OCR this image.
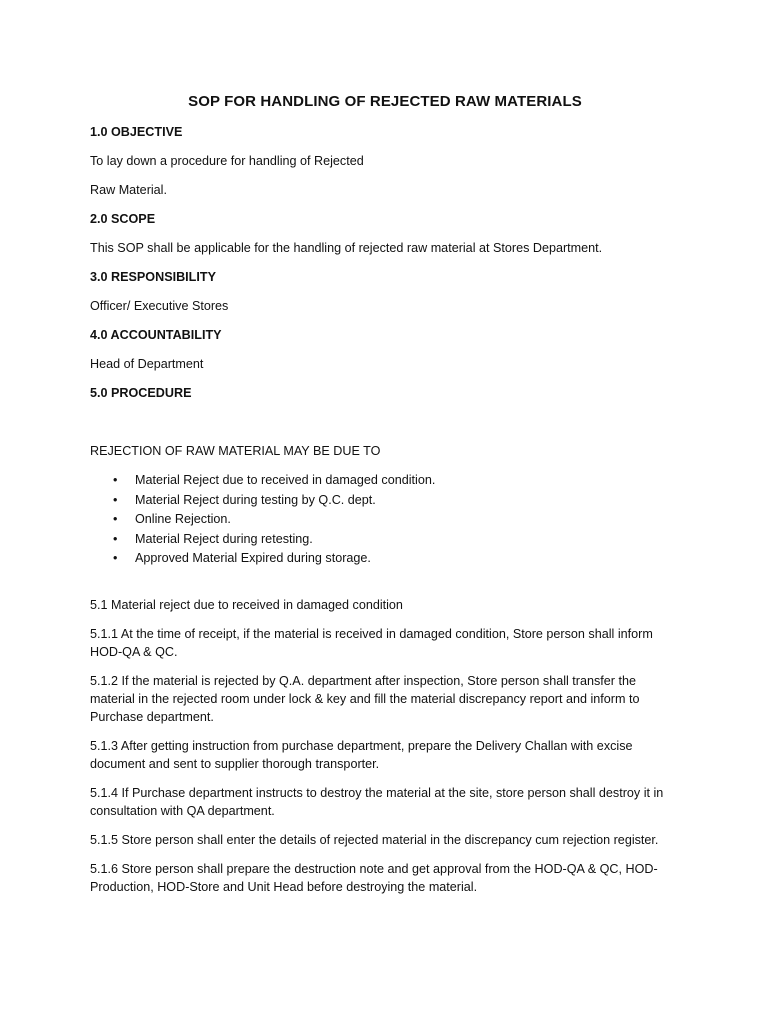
SOP FOR HANDLING OF REJECTED RAW MATERIALS
1.0 OBJECTIVE
To lay down a procedure for handling of Rejected
Raw Material.
2.0 SCOPE
This SOP shall be applicable for the handling of rejected raw material at Stores Department.
3.0 RESPONSIBILITY
Officer/ Executive Stores
4.0 ACCOUNTABILITY
Head of Department
5.0 PROCEDURE
REJECTION OF RAW MATERIAL MAY BE DUE TO
• Material Reject due to received in damaged condition.
• Material Reject during testing by Q.C. dept.
• Online Rejection.
• Material Reject during retesting.
• Approved Material Expired during storage.
5.1 Material reject due to received in damaged condition
5.1.1 At the time of receipt, if the material is received in damaged condition, Store person shall inform HOD-QA & QC.
5.1.2 If the material is rejected by Q.A. department after inspection, Store person shall transfer the material in the rejected room under lock & key and fill the material discrepancy report and inform to Purchase department.
5.1.3 After getting instruction from purchase department, prepare the Delivery Challan with excise document and sent to supplier thorough transporter.
5.1.4 If Purchase department instructs to destroy the material at the site, store person shall destroy it in consultation with QA department.
5.1.5 Store person shall enter the details of rejected material in the discrepancy cum rejection register.
5.1.6 Store person shall prepare the destruction note and get approval from the HOD-QA & QC, HOD-Production, HOD-Store and Unit Head before destroying the material.
